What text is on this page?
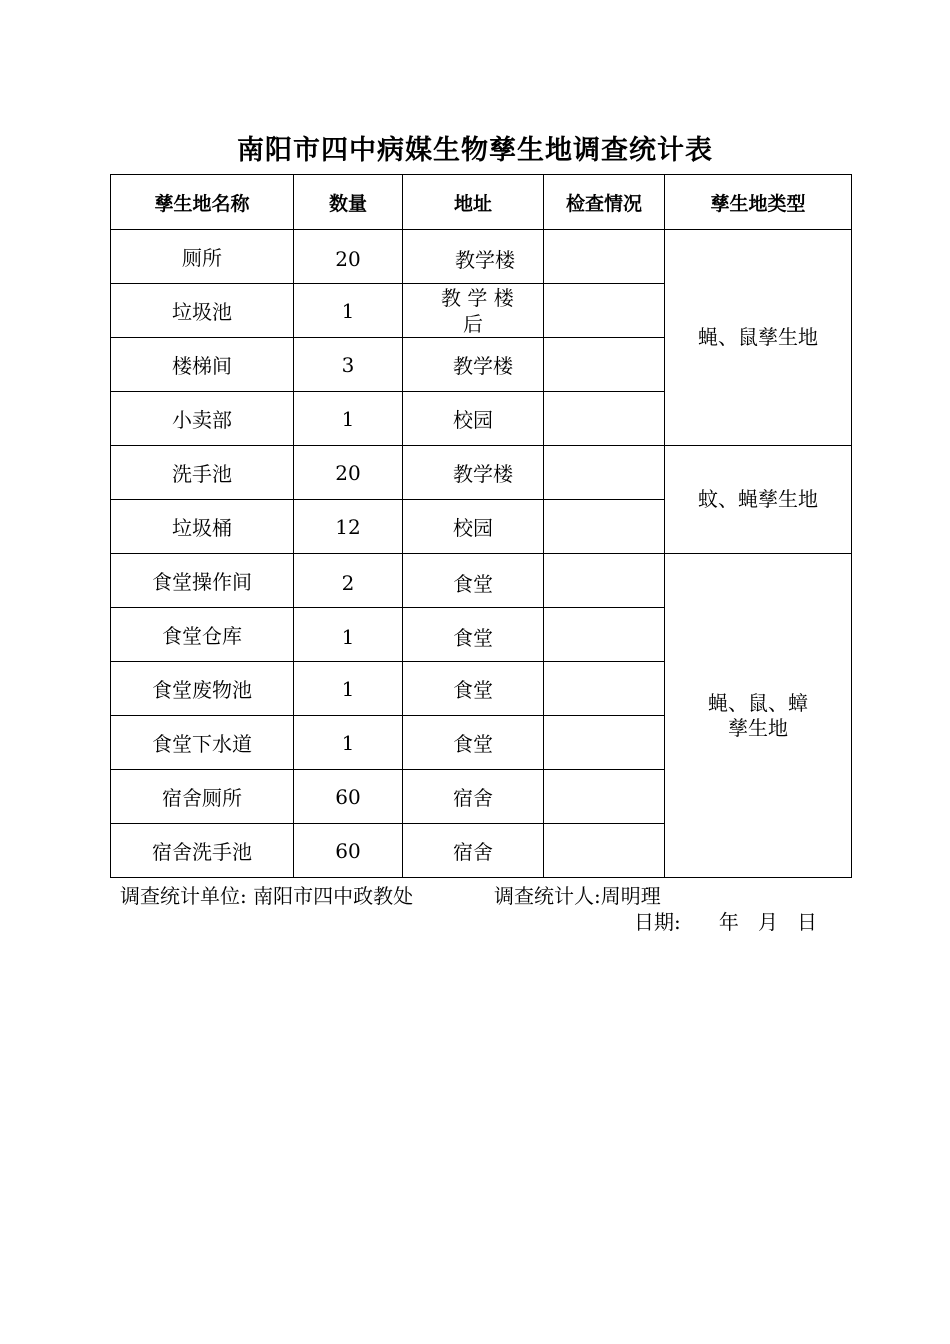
南阳市四中病媒生物孳生地调查统计表
孳生地名称	数量	地址	检查情况	孳生地类型
厕所	20	教学楼		蝇、鼠孳生地
垃圾池	1	教 学 楼
后		

楼梯间	3	教学楼		
小卖部	1	校园		
洗手池	20	教学楼		蚊、蝇孳生地
垃圾桶	12	校园		
食堂操作间	2	食堂		蝇、鼠、蟑
孳生地

食堂仓库	1	食堂		
食堂废物池	1	食堂		
食堂下水道	1	食堂		
宿舍厕所	60	宿舍		
宿舍洗手池	60	宿舍		
调查统计单位: 南阳市四中政教处	调查统计人:周明理
日期:      年   月   日
